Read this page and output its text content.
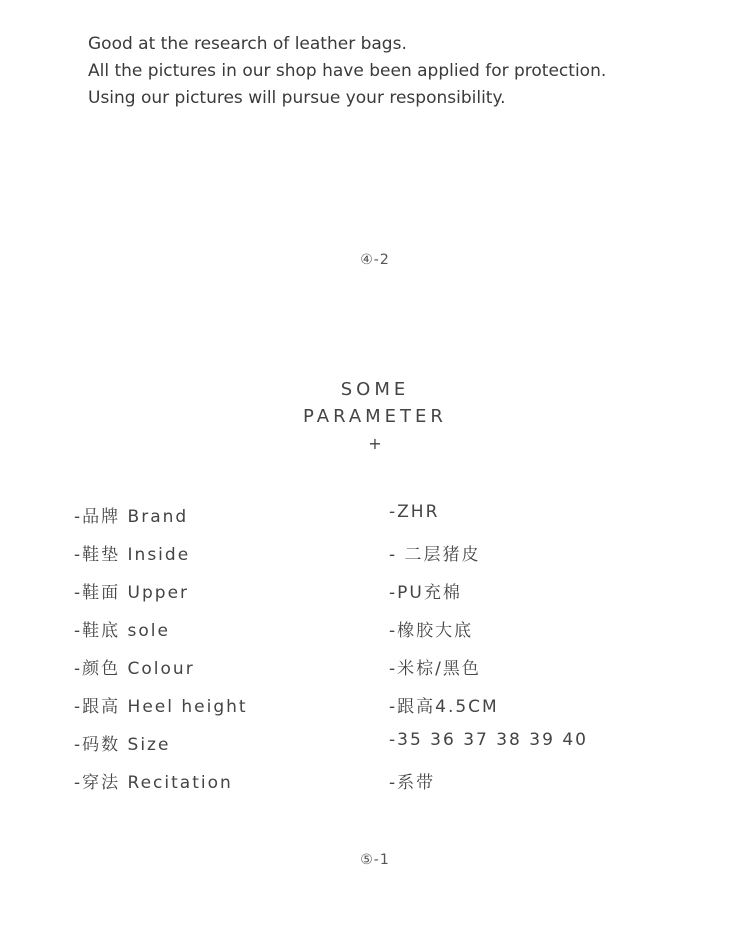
Good at the research of leather bags.
All the pictures in our shop have been applied for protection.
Using our pictures will pursue your responsibility.
④-2
SOME
PARAMETER
+
-品牌 Brand	-ZHR
-鞋垫 Inside	- 二层猪皮
-鞋面 Upper	-PU充棉
-鞋底 sole	-橡胶大底
-颜色 Colour	-米棕/黑色
-跟高 Heel height	-跟高4.5CM
-码数 Size	-35 36 37 38 39 40
-穿法 Recitation	-系带
⑤-1
